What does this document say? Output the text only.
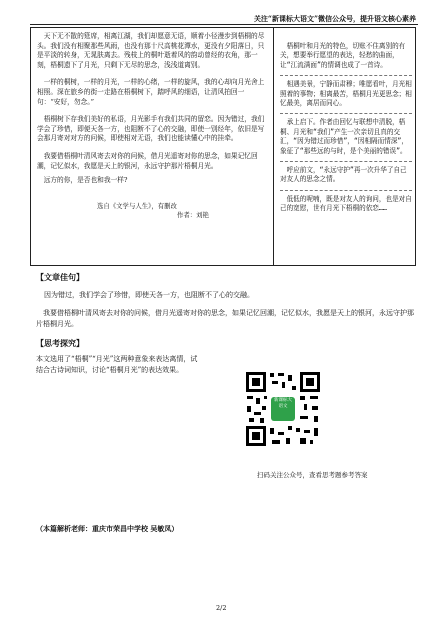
关注“新课标大语文”微信公众号，提升语文核心素养

天下无不散的筵席，相离江湖，我们却愿意无语，顺着小径漫步到梧桐的尽头。我们没有相聚那些风雨，也没有那十尺高桃花潭水，更没有夕阳落日，只是平淡的转身，无晁肤离去。残枝上的桐叶逝着风的韵动曾经的衣角，那一刻，梧桐遗下了月光，只剩下无尽的思念，浅浅道离别。

一样的桐树，一样的月光，一样的心绪，一样的旋风，我的心却向月光舍上相照。深在旅乡的街一走路在梧桐树下，踏呼风的细语，让清风拍回一句：“安好，勿念。”

梧桐树下存我们美好的私语，月光影手有我们共同的留恋。因为错过，我们学会了珍惜，即便天各一方，也阻断不了心的交融，即使一别经年，依旧是写会那月寄对对方的问候，即使相对无语，我们也能读懂心中的挂牵。

我要借梧桐叶清风寄去对你的问候，借月光遥寄对你的思念，如果记忆回潮，记忆似水，我愿是天上的银河，永远守护那片梧桐月光。

远方的你，是否也和我一样?

选自《文学与人生》，有删改
作者：刘艳

梧桐叶和月光的特色，切账不住离别的有关，想要举行愿望的表达，轻愁的曲面，让“江流满面”的情调也成了一首诗。

相遇美景，宁静而肃穆；唯愿看叶，月光相照着的事物；相离最苦，梧桐月光更思念；相忆最美，离居而同心。

承上启下。作者由回忆与联想中清脱，梧桐、月光和“我们”产生一次亲切且真的交汇，“因为错过而珍惜”，“因相隔而情深”，象征了“那些远的与时，是个美丽的错误”。

呼应前文，“永远守护”再一次升华了自己对友人的思念之情。

低低的呢喃，既是对友人的询问，也是对自己的宽慰，世有月光下梧桐的依恋……

【文章佳句】
因为错过，我们学会了珍惜，即使天各一方，也阻断不了心的交融。
我要借梧桐叶清风寄去对你的问候，借月光遥寄对你的思念，如果记忆回潮，记忆似水，我愿是天上的银河，永远守护那片梧桐月光。
【思考探究】
本文选用了“梧桐”“月光”这两种意象来表达离情，试结合古诗词知识，讨论“梧桐月光”的表达效果。
新课标大语文
扫码关注公众号，查看思考题参考答案
（本篇解析老师：重庆市荣昌中学校 吴敏凤）
2/2
